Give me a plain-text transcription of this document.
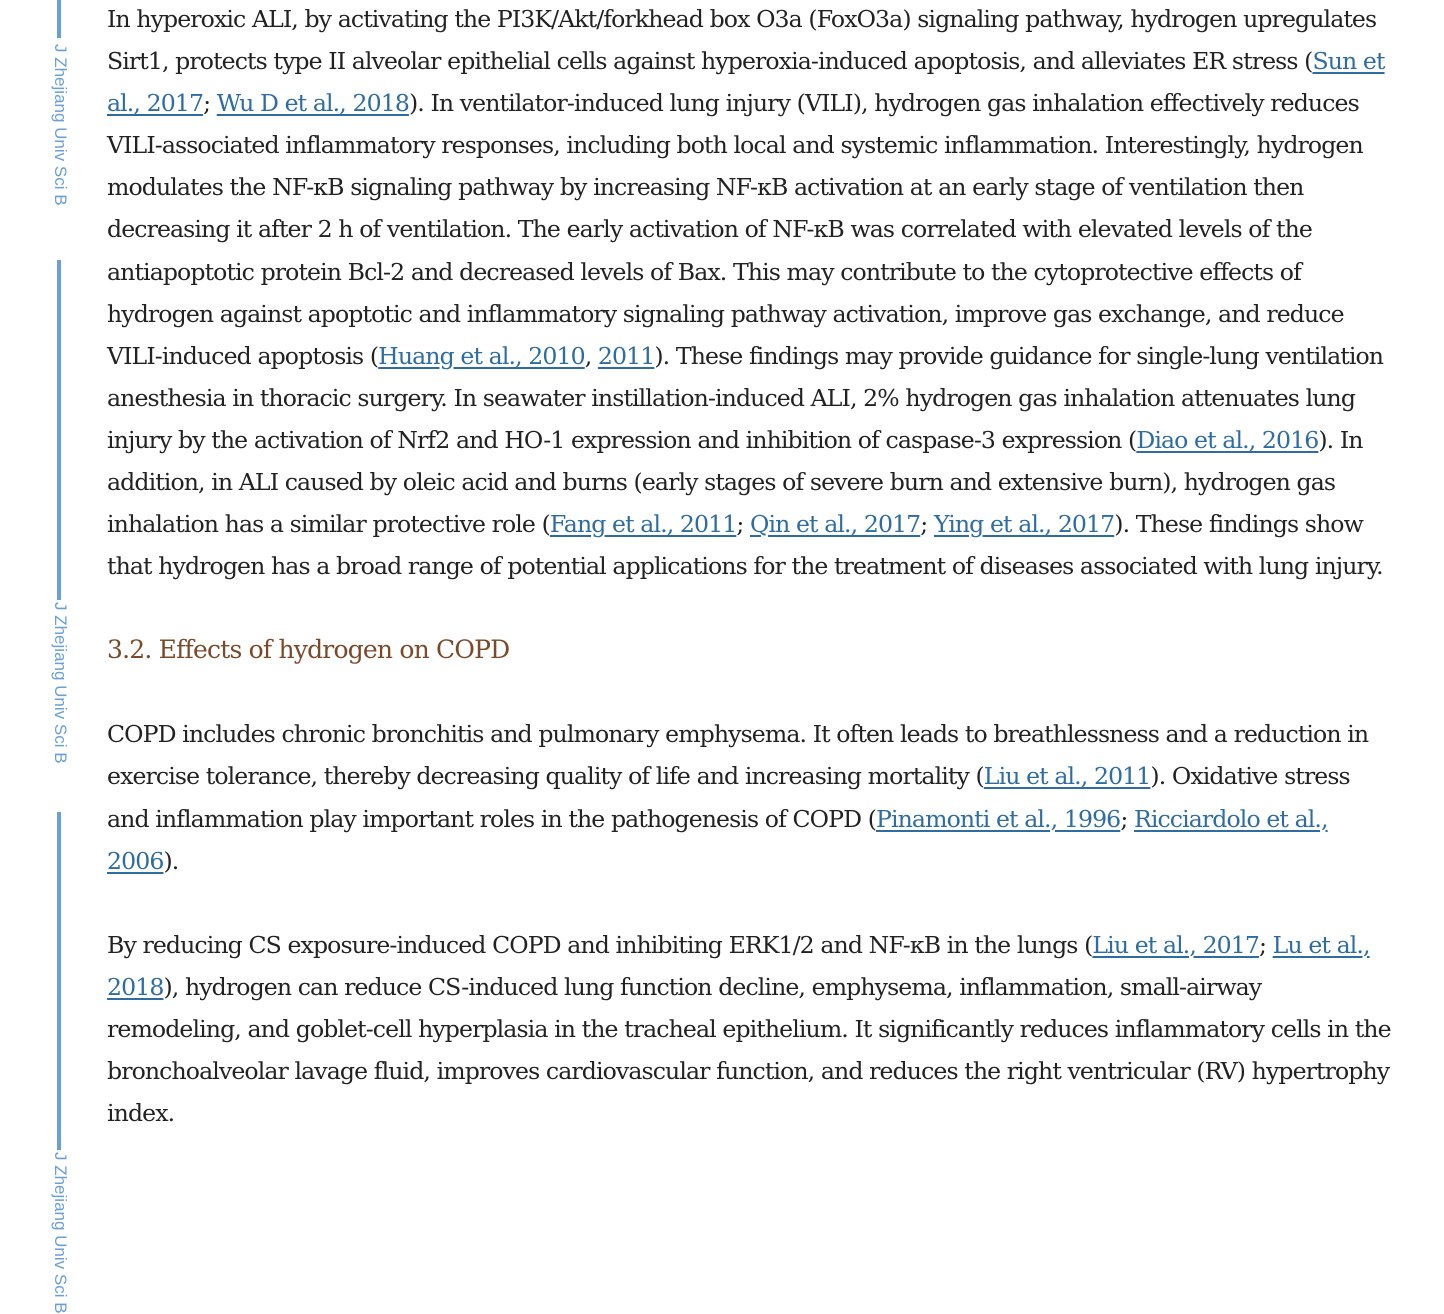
J Zhejiang Univ Sci B
J Zhejiang Univ Sci B
J Zhejiang Univ Sci B

In hyperoxic ALI, by activating the PI3K/Akt/forkhead box O3a (FoxO3a) signaling pathway, hydrogen upregulates Sirt1, protects type II alveolar epithelial cells against hyperoxia-induced apoptosis, and alleviates ER stress (Sun et al., 2017; Wu D et al., 2018). In ventilator-induced lung injury (VILI), hydrogen gas inhalation effectively reduces VILI-associated inflammatory responses, including both local and systemic inflammation. Interestingly, hydrogen modulates the NF-κB signaling pathway by increasing NF-κB activation at an early stage of ventilation then decreasing it after 2 h of ventilation. The early activation of NF-κB was correlated with elevated levels of the antiapoptotic protein Bcl-2 and decreased levels of Bax. This may contribute to the cytoprotective effects of hydrogen against apoptotic and inflammatory signaling pathway activation, improve gas exchange, and reduce VILI-induced apoptosis (Huang et al., 2010, 2011). These findings may provide guidance for single-lung ventilation anesthesia in thoracic surgery. In seawater instillation-induced ALI, 2% hydrogen gas inhalation attenuates lung injury by the activation of Nrf2 and HO-1 expression and inhibition of caspase-3 expression (Diao et al., 2016). In addition, in ALI caused by oleic acid and burns (early stages of severe burn and extensive burn), hydrogen gas inhalation has a similar protective role (Fang et al., 2011; Qin et al., 2017; Ying et al., 2017). These findings show that hydrogen has a broad range of potential applications for the treatment of diseases associated with lung injury.

3.2. Effects of hydrogen on COPD

COPD includes chronic bronchitis and pulmonary emphysema. It often leads to breathlessness and a reduction in exercise tolerance, thereby decreasing quality of life and increasing mortality (Liu et al., 2011). Oxidative stress and inflammation play important roles in the pathogenesis of COPD (Pinamonti et al., 1996; Ricciardolo et al., 2006).

By reducing CS exposure-induced COPD and inhibiting ERK1/2 and NF-κB in the lungs (Liu et al., 2017; Lu et al., 2018), hydrogen can reduce CS-induced lung function decline, emphysema, inflammation, small-airway remodeling, and goblet-cell hyperplasia in the tracheal epithelium. It significantly reduces inflammatory cells in the bronchoalveolar lavage fluid, improves cardiovascular function, and reduces the right ventricular (RV) hypertrophy index.
